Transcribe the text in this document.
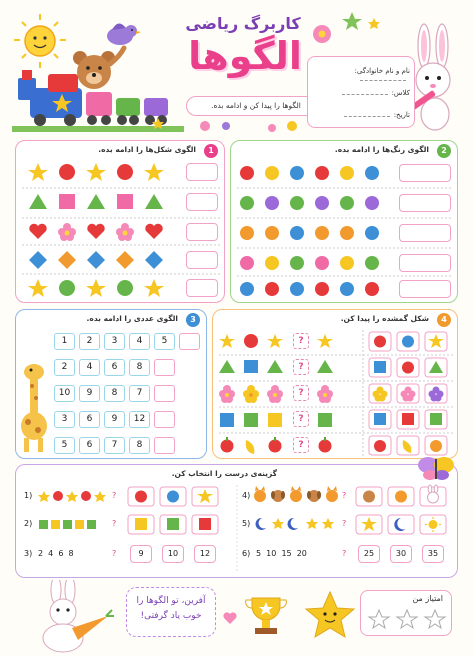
کاربرگ ریاضی
الگوها
الگوها را پیدا کن و ادامه بده.
نام و نام خانوادگی:
کلاس:
تاریخ:
الگوی شکل‌ها را ادامه بده.	1	الگوی رنگ‌ها را ادامه بده.	2
الگوی عددی را ادامه بده.	3
1	2	3	4	5
2	4	6	8
10	9	8	7
3	6	9	12
5	6	7	8
شکل گمشده را پیدا کن.	4
?
?
?
?
?
گزینه‌ی درست را انتخاب کن.
1)	?
2)	?
3) 2  4  6  8	?	9	10	12
4)	?
5)	?
6) 5  10  15  20	?	25	30	35
آفرین، تو الگوها را خوب یاد گرفتی!
امتیاز من
